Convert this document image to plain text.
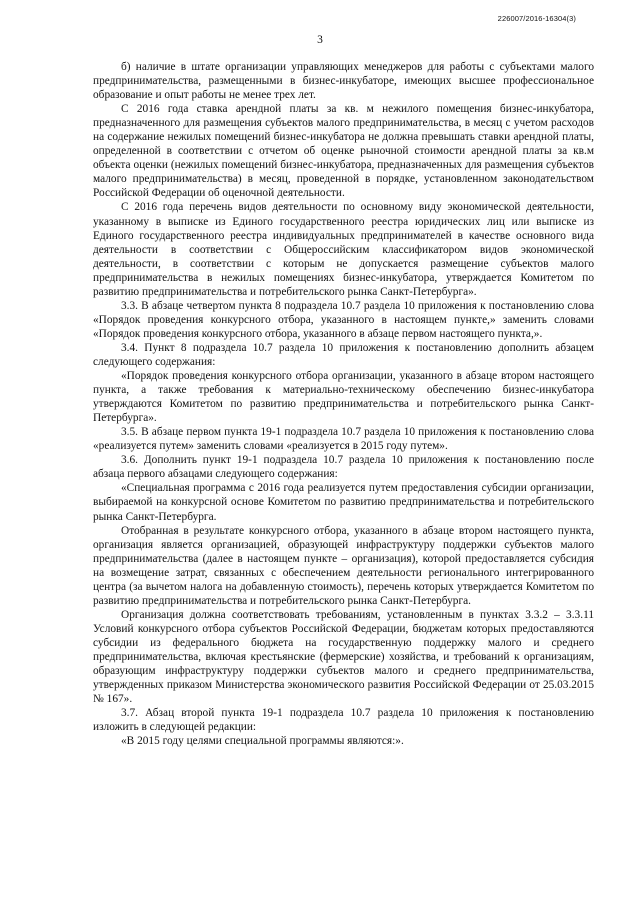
226007/2016-16304(3)
3

б) наличие в штате организации управляющих менеджеров для работы с субъектами малого предпринимательства, размещенными в бизнес-инкубаторе, имеющих высшее профессиональное образование и опыт работы не менее трех лет.

С 2016 года ставка арендной платы за кв. м нежилого помещения бизнес-инкубатора, предназначенного для размещения субъектов малого предпринимательства, в месяц с учетом расходов на содержание нежилых помещений бизнес-инкубатора не должна превышать ставки арендной платы, определенной в соответствии с отчетом об оценке рыночной стоимости арендной платы за кв.м объекта оценки (нежилых помещений бизнес-инкубатора, предназначенных для размещения субъектов малого предпринимательства) в месяц, проведенной в порядке, установленном законодательством Российской Федерации об оценочной деятельности.

С 2016 года перечень видов деятельности по основному виду экономической деятельности, указанному в выписке из Единого государственного реестра юридических лиц или выписке из Единого государственного реестра индивидуальных предпринимателей в качестве основного вида деятельности в соответствии с Общероссийским классификатором видов экономической деятельности, в соответствии с которым не допускается размещение субъектов малого предпринимательства в нежилых помещениях бизнес-инкубатора, утверждается Комитетом по развитию предпринимательства и потребительского рынка Санкт-Петербурга».

3.3. В абзаце четвертом пункта 8 подраздела 10.7 раздела 10 приложения к постановлению слова «Порядок проведения конкурсного отбора, указанного в настоящем пункте,» заменить словами «Порядок проведения конкурсного отбора, указанного в абзаце первом настоящего пункта,».

3.4. Пункт 8 подраздела 10.7 раздела 10 приложения к постановлению дополнить абзацем следующего содержания:

«Порядок проведения конкурсного отбора организации, указанного в абзаце втором настоящего пункта, а также требования к материально-техническому обеспечению бизнес-инкубатора утверждаются Комитетом по развитию предпринимательства и потребительского рынка Санкт-Петербурга».

3.5. В абзаце первом пункта 19-1 подраздела 10.7 раздела 10 приложения к постановлению слова «реализуется путем» заменить словами «реализуется в 2015 году путем».

3.6. Дополнить пункт 19-1 подраздела 10.7 раздела 10 приложения к постановлению после абзаца первого абзацами следующего содержания:

«Специальная программа с 2016 года реализуется путем предоставления субсидии организации, выбираемой на конкурсной основе Комитетом по развитию предпринимательства и потребительского рынка Санкт-Петербурга.

Отобранная в результате конкурсного отбора, указанного в абзаце втором настоящего пункта, организация является организацией, образующей инфраструктуру поддержки субъектов малого предпринимательства (далее в настоящем пункте – организация), которой предоставляется субсидия на возмещение затрат, связанных с обеспечением деятельности регионального интегрированного центра (за вычетом налога на добавленную стоимость), перечень которых утверждается Комитетом по развитию предпринимательства и потребительского рынка Санкт-Петербурга.

Организация должна соответствовать требованиям, установленным в пунктах 3.3.2 – 3.3.11 Условий конкурсного отбора субъектов Российской Федерации, бюджетам которых предоставляются субсидии из федерального бюджета на государственную поддержку малого и среднего предпринимательства, включая крестьянские (фермерские) хозяйства, и требований к организациям, образующим инфраструктуру поддержки субъектов малого и среднего предпринимательства, утвержденных приказом Министерства экономического развития Российской Федерации от 25.03.2015 № 167».

3.7. Абзац второй пункта 19-1 подраздела 10.7 раздела 10 приложения к постановлению изложить в следующей редакции:

«В 2015 году целями специальной программы являются:».
